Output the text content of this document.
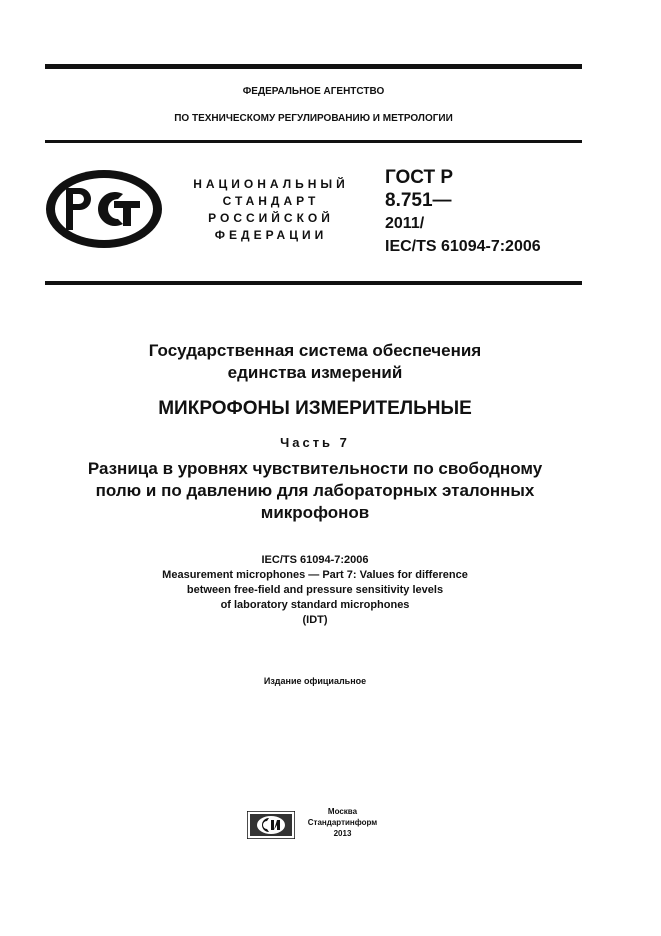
ФЕДЕРАЛЬНОЕ АГЕНТСТВО
ПО ТЕХНИЧЕСКОМУ РЕГУЛИРОВАНИЮ И МЕТРОЛОГИИ
НАЦИОНАЛЬНЫЙ
СТАНДАРТ
РОССИЙСКОЙ
ФЕДЕРАЦИИ
ГОСТ Р
8.751—
2011/
IEC/TS 61094-7:2006
Государственная система обеспечения
единства измерений
МИКРОФОНЫ ИЗМЕРИТЕЛЬНЫЕ
Часть 7
Разница в уровнях чувствительности по свободному
полю и по давлению для лабораторных эталонных
микрофонов
IEC/TS 61094-7:2006
Measurement microphones — Part 7: Values for difference
between free-field and pressure sensitivity levels
of laboratory standard microphones
(IDT)
Издание официальное
Москва
Стандартинформ
2013
